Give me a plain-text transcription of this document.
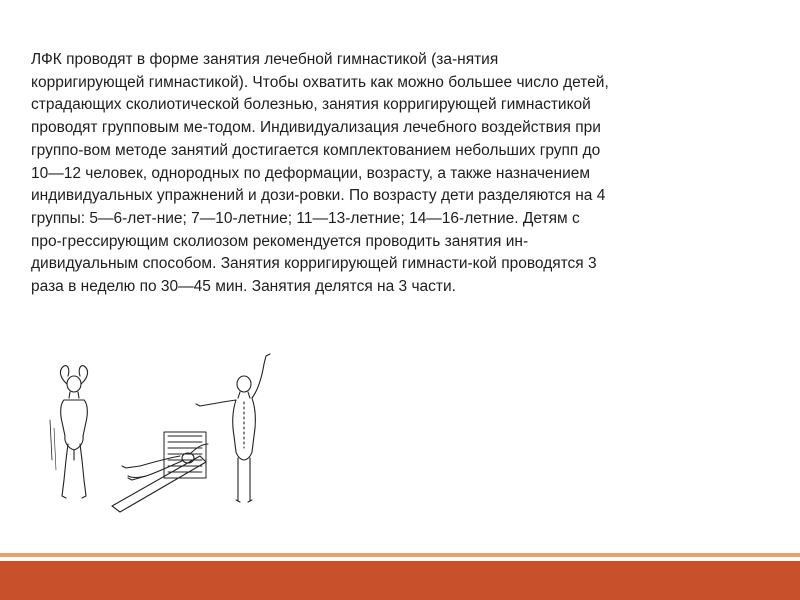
ЛФК проводят в форме занятия лечебной гимнастикой (за-нятия
корригирующей гимнастикой). Чтобы охватить как можно большее число детей,
страдающих сколиотической болезнью, занятия корригирующей гимнастикой
проводят групповым ме-тодом. Индивидуализация лечебного воздействия при
группо-вом методе занятий достигается комплектованием небольших групп до
10—12 человек, однородных по деформации, возрасту, а также назначением
индивидуальных упражнений и дози-ровки. По возрасту дети разделяются на 4
группы: 5—6-лет-ние; 7—10-летние; 11—13-летние; 14—16-летние. Детям с
про-грессирующим сколиозом рекомендуется проводить занятия ин-
дивидуальным способом. Занятия корригирующей гимнасти-кой проводятся 3
раза в неделю по 30—45 мин. Занятия делятся на 3 части.
